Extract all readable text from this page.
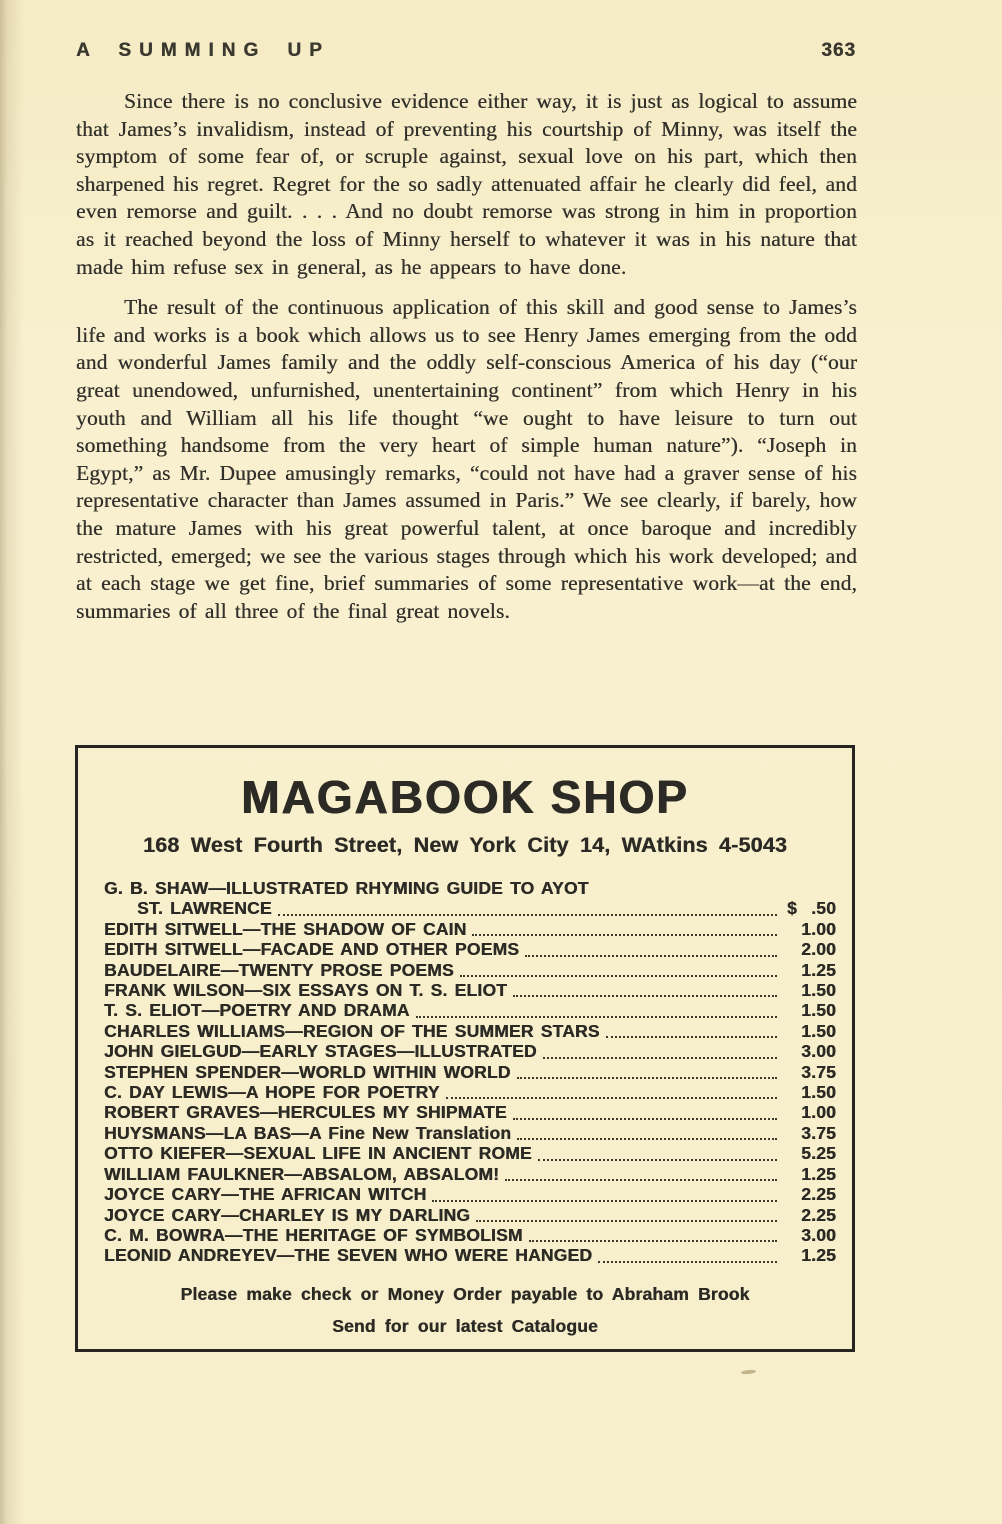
A SUMMING UP	363

Since there is no conclusive evidence either way, it is just as logical to assume that James’s invalidism, instead of preventing his courtship of Minny, was itself the symptom of some fear of, or scruple against, sexual love on his part, which then sharpened his regret. Regret for the so sadly attenuated affair he clearly did feel, and even remorse and guilt. . . . And no doubt remorse was strong in him in proportion as it reached beyond the loss of Minny herself to whatever it was in his nature that made him refuse sex in general, as he appears to have done.

The result of the continuous application of this skill and good sense to James’s life and works is a book which allows us to see Henry James emerging from the odd and wonderful James family and the oddly self-conscious America of his day (“our great unendowed, unfurnished, unentertaining continent” from which Henry in his youth and William all his life thought “we ought to have leisure to turn out something handsome from the very heart of simple human nature”). “Joseph in Egypt,” as Mr. Dupee amusingly remarks, “could not have had a graver sense of his representative character than James assumed in Paris.” We see clearly, if barely, how the mature James with his great powerful talent, at once baroque and incredibly restricted, emerged; we see the various stages through which his work developed; and at each stage we get fine, brief summaries of some representative work—at the end, summaries of all three of the final great novels.

MAGABOOK SHOP
168 West Fourth Street, New York City 14, WAtkins 4-5043
G. B. SHAW—ILLUSTRATED RHYMING GUIDE TO AYOT
ST. LAWRENCE	$  .50
EDITH SITWELL—THE SHADOW OF CAIN	1.00
EDITH SITWELL—FACADE AND OTHER POEMS	2.00
BAUDELAIRE—TWENTY PROSE POEMS	1.25
FRANK WILSON—SIX ESSAYS ON T. S. ELIOT	1.50
T. S. ELIOT—POETRY AND DRAMA	1.50
CHARLES WILLIAMS—REGION OF THE SUMMER STARS	1.50
JOHN GIELGUD—EARLY STAGES—ILLUSTRATED	3.00
STEPHEN SPENDER—WORLD WITHIN WORLD	3.75
C. DAY LEWIS—A HOPE FOR POETRY	1.50
ROBERT GRAVES—HERCULES MY SHIPMATE	1.00
HUYSMANS—LA BAS—A Fine New Translation	3.75
OTTO KIEFER—SEXUAL LIFE IN ANCIENT ROME	5.25
WILLIAM FAULKNER—ABSALOM, ABSALOM!	1.25
JOYCE CARY—THE AFRICAN WITCH	2.25
JOYCE CARY—CHARLEY IS MY DARLING	2.25
C. M. BOWRA—THE HERITAGE OF SYMBOLISM	3.00
LEONID ANDREYEV—THE SEVEN WHO WERE HANGED	1.25
Please make check or Money Order payable to Abraham Brook
Send for our latest Catalogue
